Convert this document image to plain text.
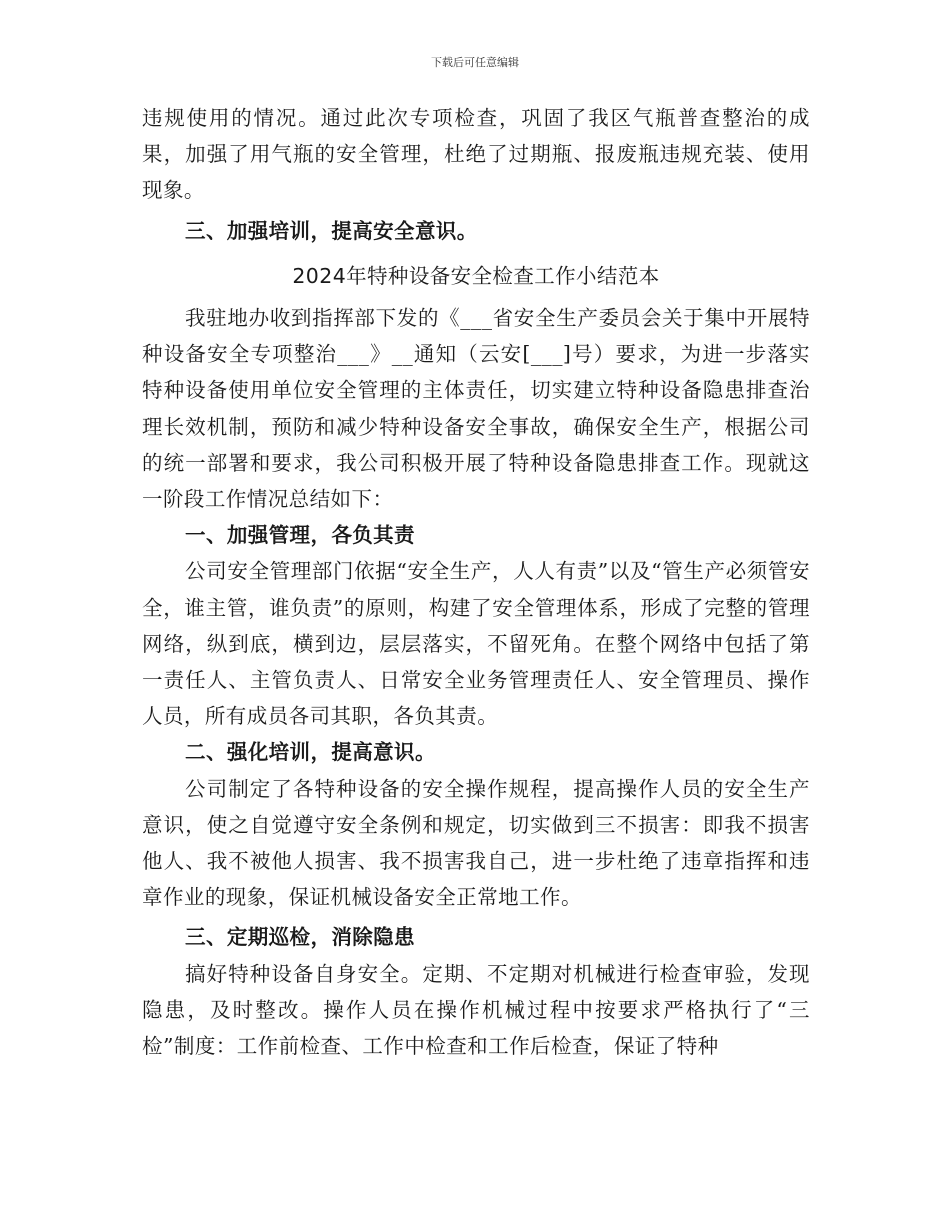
下载后可任意编辑

违规使用的情况。通过此次专项检查，巩固了我区气瓶普查整治的成果，加强了用气瓶的安全管理，杜绝了过期瓶、报废瓶违规充装、使用现象。

三、加强培训，提高安全意识。

2024年特种设备安全检查工作小结范本

我驻地办收到指挥部下发的《___省安全生产委员会关于集中开展特种设备安全专项整治___》__通知（云安[___]号）要求，为进一步落实特种设备使用单位安全管理的主体责任，切实建立特种设备隐患排查治理长效机制，预防和减少特种设备安全事故，确保安全生产，根据公司的统一部署和要求，我公司积极开展了特种设备隐患排查工作。现就这一阶段工作情况总结如下：

一、加强管理，各负其责

公司安全管理部门依据“安全生产，人人有责”以及“管生产必须管安全，谁主管，谁负责”的原则，构建了安全管理体系，形成了完整的管理网络，纵到底，横到边，层层落实，不留死角。在整个网络中包括了第一责任人、主管负责人、日常安全业务管理责任人、安全管理员、操作人员，所有成员各司其职，各负其责。

二、强化培训，提高意识。

公司制定了各特种设备的安全操作规程，提高操作人员的安全生产意识，使之自觉遵守安全条例和规定，切实做到三不损害：即我不损害他人、我不被他人损害、我不损害我自己，进一步杜绝了违章指挥和违章作业的现象，保证机械设备安全正常地工作。

三、定期巡检，消除隐患

搞好特种设备自身安全。定期、不定期对机械进行检查审验，发现隐患，及时整改。操作人员在操作机械过程中按要求严格执行了“三检”制度：工作前检查、工作中检查和工作后检查，保证了特种
